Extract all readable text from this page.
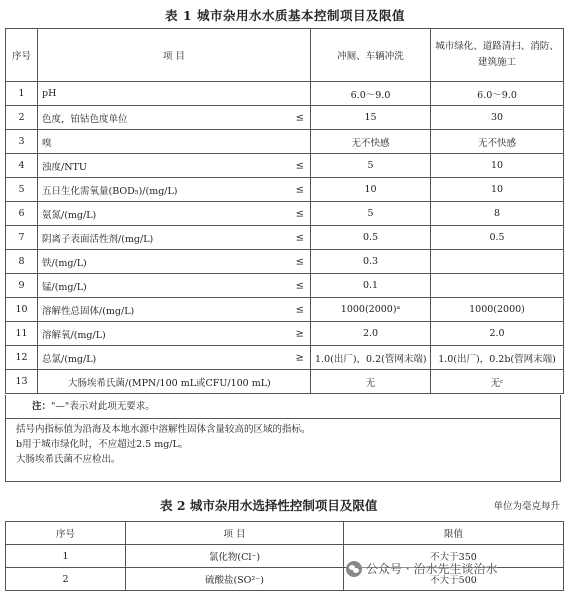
表 1 城市杂用水水质基本控制项目及限值
序号	项 目	冲厕、车辆冲洗	城市绿化、道路清扫、消防、
建筑施工
1	pH	6.0～9.0	6.0～9.0
2	色度，铂钴色度单位 ≤	15	30
3	嗅	无不快感	无不快感
4	浊度/NTU ≤	5	10
5	五日生化需氧量(BOD₅)/(mg/L) ≤	10	10
6	氨氮/(mg/L) ≤	5	8
7	阴离子表面活性剂/(mg/L) ≤	0.5	0.5
8	铁/(mg/L) ≤	0.3	
9	锰/(mg/L) ≤	0.1	
10	溶解性总固体/(mg/L) ≤	1000(2000)ᵃ	1000(2000)
11	溶解氧/(mg/L) ≥	2.0	2.0
12	总氯/(mg/L) ≥	1.0(出厂)，0.2(管网末端)	1.0(出厂)，0.2b(管网末端)
13	大肠埃希氏菌/(MPN/100 mL或CFU/100 mL)	无	无ᶜ
注："—"表示对此项无要求。
括号内指标值为沿海及本地水源中溶解性固体含量较高的区域的指标。
b用于城市绿化时，不应超过2.5 mg/L。
大肠埃希氏菌不应检出。
表 2 城市杂用水选择性控制项目及限值	单位为毫克每升
序号	项 目	限值
1	氯化物(Cl⁻)	不大于350
2	硫酸盐(SO²⁻)	不大于500
公众号 · 治水先生谈治水
